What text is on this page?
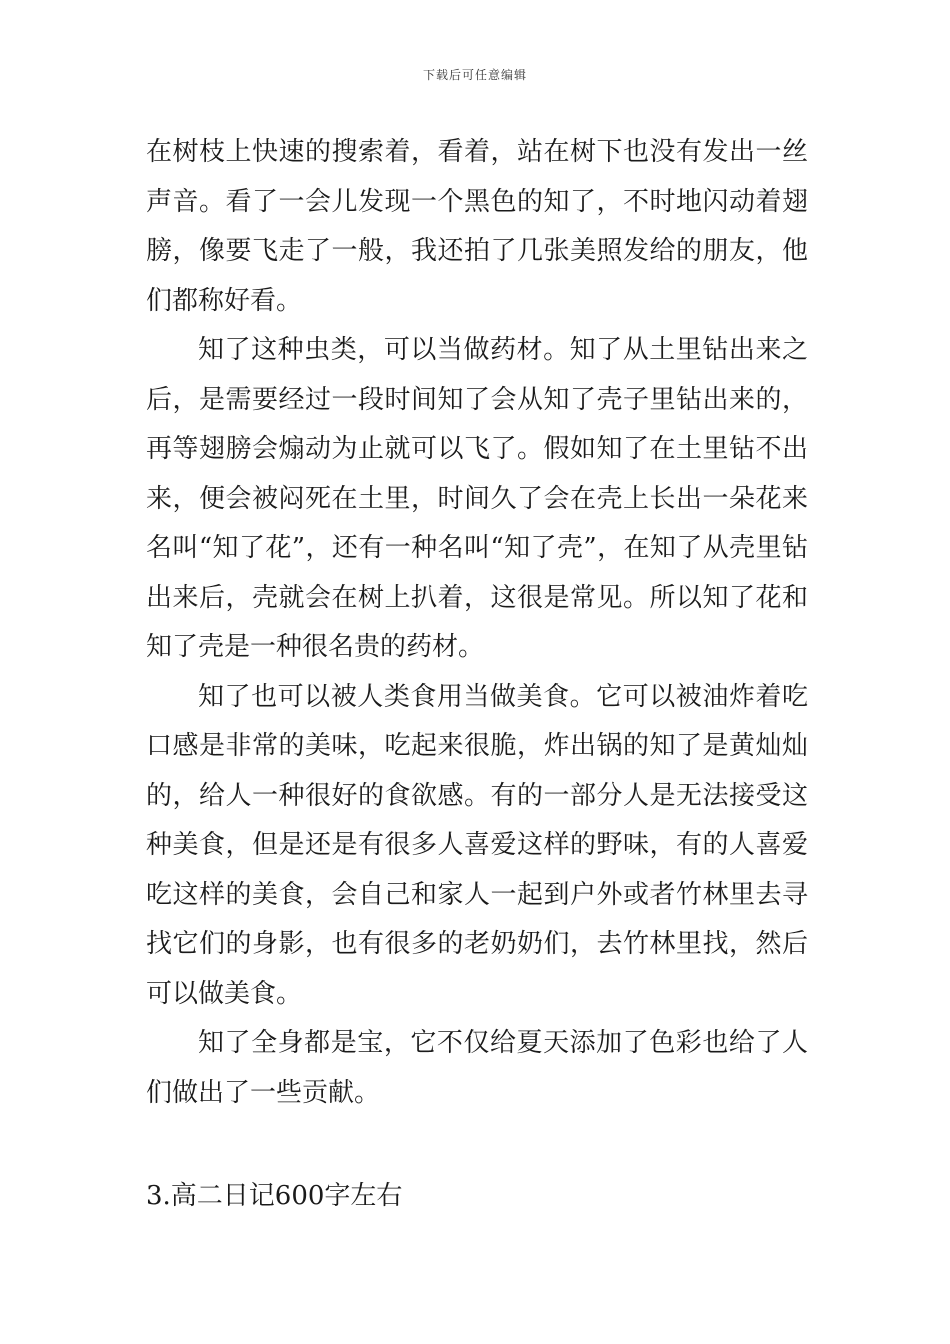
下载后可任意编辑

在树枝上快速的搜索着，看着，站在树下也没有发出一丝声音。看了一会儿发现一个黑色的知了，不时地闪动着翅膀，像要飞走了一般，我还拍了几张美照发给的朋友，他们都称好看。

知了这种虫类，可以当做药材。知了从土里钻出来之后，是需要经过一段时间知了会从知了壳子里钻出来的，再等翅膀会煽动为止就可以飞了。假如知了在土里钻不出来，便会被闷死在土里，时间久了会在壳上长出一朵花来名叫“知了花”，还有一种名叫“知了壳”，在知了从壳里钻出来后，壳就会在树上扒着，这很是常见。所以知了花和知了壳是一种很名贵的药材。

知了也可以被人类食用当做美食。它可以被油炸着吃口感是非常的美味，吃起来很脆，炸出锅的知了是黄灿灿的，给人一种很好的食欲感。有的一部分人是无法接受这种美食，但是还是有很多人喜爱这样的野味，有的人喜爱吃这样的美食，会自己和家人一起到户外或者竹林里去寻找它们的身影，也有很多的老奶奶们，去竹林里找，然后可以做美食。

知了全身都是宝，它不仅给夏天添加了色彩也给了人们做出了一些贡献。

3.高二日记600字左右
